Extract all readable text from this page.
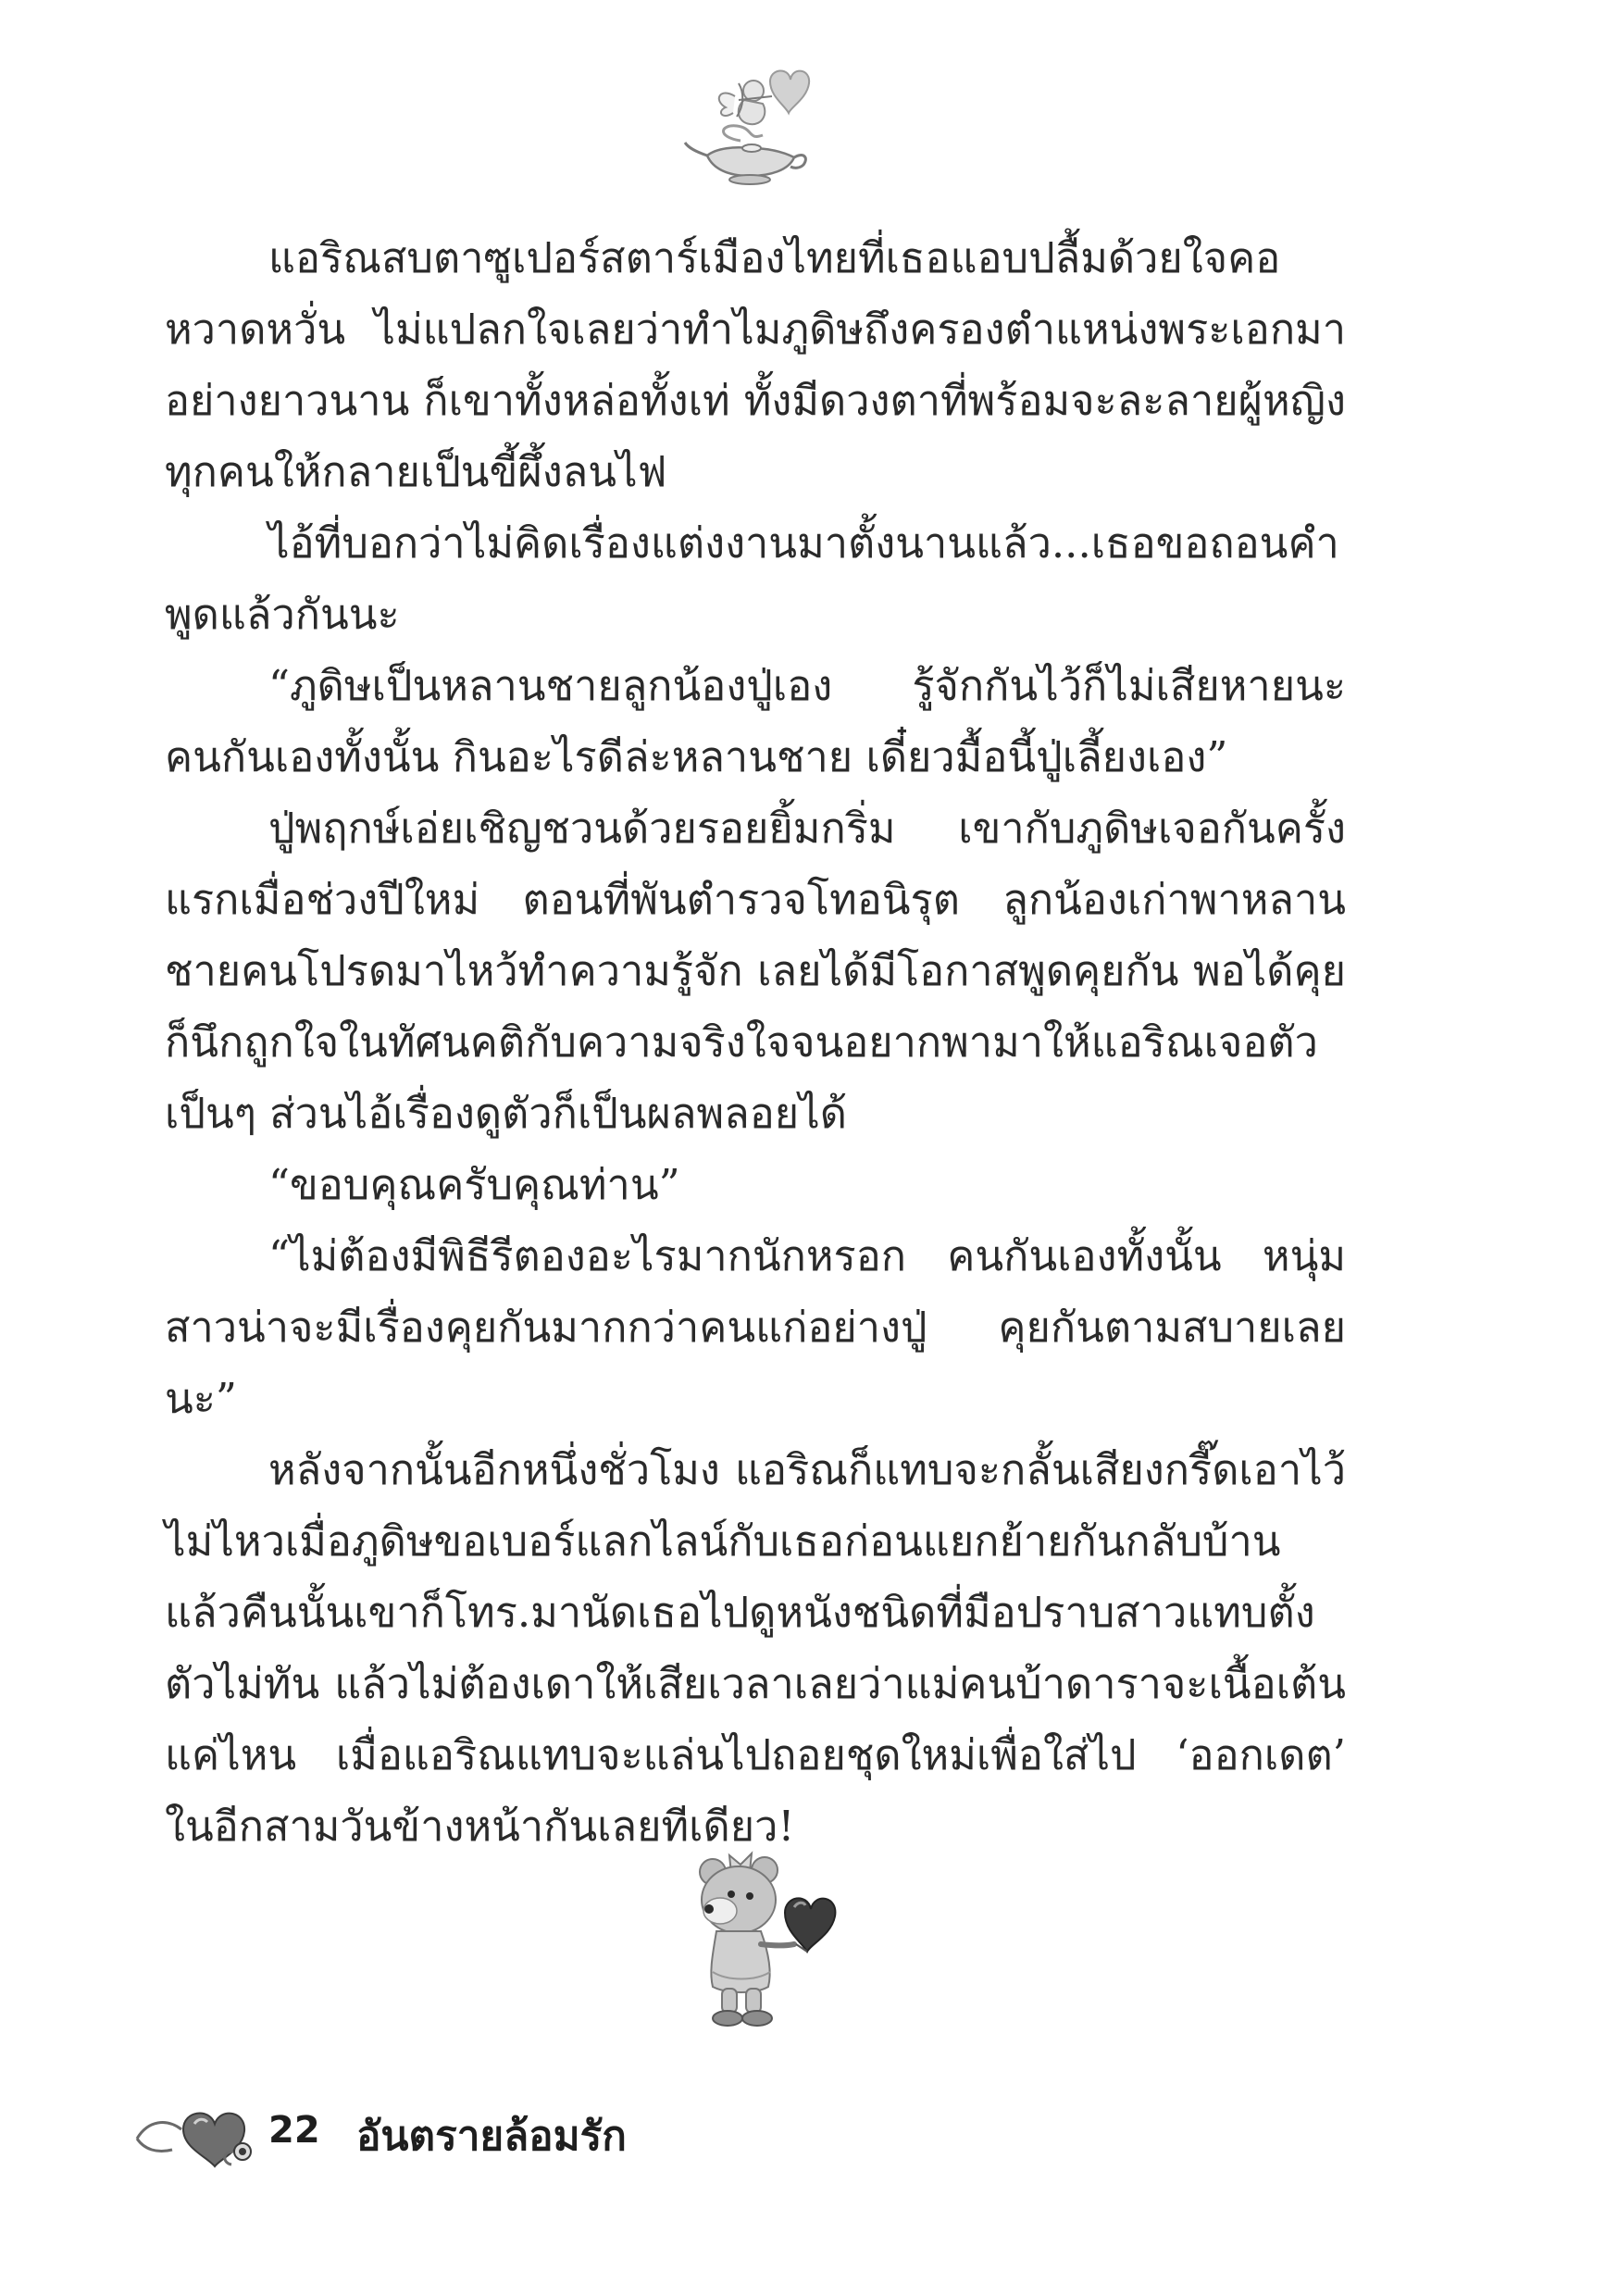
แอริณสบตาซูเปอร์สตาร์เมืองไทยที่เธอแอบปลื้มด้วยใจคอหวาดหวั่น ไม่แปลกใจเลยว่าทำไมภูดิษถึงครองตำแหน่งพระเอกมาอย่างยาวนาน ก็เขาทั้งหล่อทั้งเท่ ทั้งมีดวงตาที่พร้อมจะละลายผู้หญิงทุกคนให้กลายเป็นขี้ผึ้งลนไฟ

ไอ้ที่บอกว่าไม่คิดเรื่องแต่งงานมาตั้งนานแล้ว...เธอขอถอนคำพูดแล้วกันนะ

“ภูดิษเป็นหลานชายลูกน้องปู่เอง รู้จักกันไว้ก็ไม่เสียหายนะ คนกันเองทั้งนั้น กินอะไรดีล่ะหลานชาย เดี๋ยวมื้อนี้ปู่เลี้ยงเอง”

ปู่พฤกษ์เอ่ยเชิญชวนด้วยรอยยิ้มกริ่ม เขากับภูดิษเจอกันครั้งแรกเมื่อช่วงปีใหม่ ตอนที่พันตำรวจโทอนิรุต ลูกน้องเก่าพาหลานชายคนโปรดมาไหว้ทำความรู้จัก เลยได้มีโอกาสพูดคุยกัน พอได้คุยก็นึกถูกใจในทัศนคติกับความจริงใจจนอยากพามาให้แอริณเจอตัวเป็นๆ ส่วนไอ้เรื่องดูตัวก็เป็นผลพลอยได้

“ขอบคุณครับคุณท่าน”

“ไม่ต้องมีพิธีรีตองอะไรมากนักหรอก คนกันเองทั้งนั้น หนุ่มสาวน่าจะมีเรื่องคุยกันมากกว่าคนแก่อย่างปู่ คุยกันตามสบายเลยนะ”

หลังจากนั้นอีกหนึ่งชั่วโมง แอริณก็แทบจะกลั้นเสียงกรี๊ดเอาไว้ไม่ไหวเมื่อภูดิษขอเบอร์แลกไลน์กับเธอก่อนแยกย้ายกันกลับบ้าน แล้วคืนนั้นเขาก็โทร.มานัดเธอไปดูหนังชนิดที่มือปราบสาวแทบตั้งตัวไม่ทัน แล้วไม่ต้องเดาให้เสียเวลาเลยว่าแม่คนบ้าดาราจะเนื้อเต้นแค่ไหน เมื่อแอริณแทบจะแล่นไปถอยชุดใหม่เพื่อใส่ไป ‘ออกเดต’ ในอีกสามวันข้างหน้ากันเลยทีเดียว!

22 อันตรายล้อมรัก
